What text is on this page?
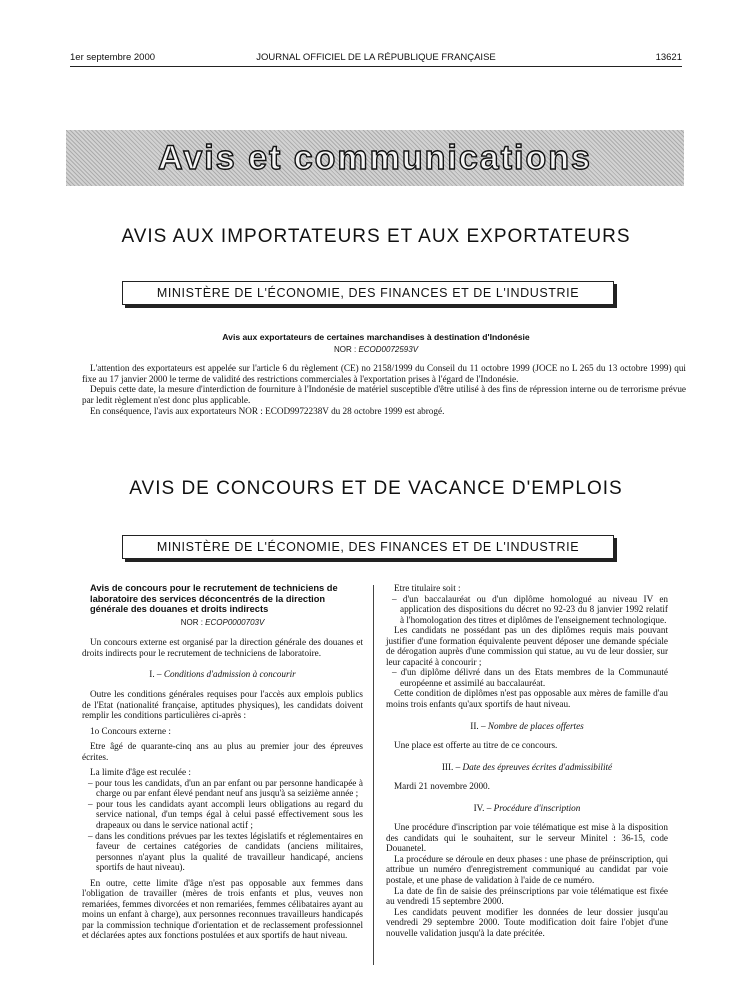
1er septembre 2000	JOURNAL OFFICIEL DE LA RÉPUBLIQUE FRANÇAISE	13621
Avis et communications
AVIS AUX IMPORTATEURS ET AUX EXPORTATEURS
MINISTÈRE DE L'ÉCONOMIE, DES FINANCES ET DE L'INDUSTRIE
Avis aux exportateurs de certaines marchandises à destination d'Indonésie
NOR : ECOD0072593V

L'attention des exportateurs est appelée sur l'article 6 du règlement (CE) no 2158/1999 du Conseil du 11 octobre 1999 (JOCE no L 265 du 13 octobre 1999) qui fixe au 17 janvier 2000 le terme de validité des restrictions commerciales à l'exportation prises à l'égard de l'Indonésie.

Depuis cette date, la mesure d'interdiction de fourniture à l'Indonésie de matériel susceptible d'être utilisé à des fins de répression interne ou de terrorisme prévue par ledit règlement n'est donc plus applicable.

En conséquence, l'avis aux exportateurs NOR : ECOD9972238V du 28 octobre 1999 est abrogé.

AVIS DE CONCOURS ET DE VACANCE D'EMPLOIS
MINISTÈRE DE L'ÉCONOMIE, DES FINANCES ET DE L'INDUSTRIE
Avis de concours pour le recrutement de techniciens de laboratoire des services déconcentrés de la direction générale des douanes et droits indirects
NOR : ECOP0000703V

Un concours externe est organisé par la direction générale des douanes et droits indirects pour le recrutement de techniciens de laboratoire.

I. – Conditions d'admission à concourir

Outre les conditions générales requises pour l'accès aux emplois publics de l'Etat (nationalité française, aptitudes physiques), les candidats doivent remplir les conditions particulières ci-après :

1o Concours externe :

Etre âgé de quarante-cinq ans au plus au premier jour des épreuves écrites.

La limite d'âge est reculée :

– pour tous les candidats, d'un an par enfant ou par personne handicapée à charge ou par enfant élevé pendant neuf ans jusqu'à sa seizième année ;

– pour tous les candidats ayant accompli leurs obligations au regard du service national, d'un temps égal à celui passé effectivement sous les drapeaux ou dans le service national actif ;

– dans les conditions prévues par les textes législatifs et réglementaires en faveur de certaines catégories de candidats (anciens militaires, personnes n'ayant plus la qualité de travailleur handicapé, anciens sportifs de haut niveau).

En outre, cette limite d'âge n'est pas opposable aux femmes dans l'obligation de travailler (mères de trois enfants et plus, veuves non remariées, femmes divorcées et non remariées, femmes célibataires ayant au moins un enfant à charge), aux personnes reconnues travailleurs handicapés par la commission technique d'orientation et de reclassement professionnel et déclarées aptes aux fonctions postulées et aux sportifs de haut niveau.

Etre titulaire soit :

– d'un baccalauréat ou d'un diplôme homologué au niveau IV en application des dispositions du décret no 92-23 du 8 janvier 1992 relatif à l'homologation des titres et diplômes de l'enseignement technologique.

Les candidats ne possédant pas un des diplômes requis mais pouvant justifier d'une formation équivalente peuvent déposer une demande spéciale de dérogation auprès d'une commission qui statue, au vu de leur dossier, sur leur capacité à concourir ;

– d'un diplôme délivré dans un des Etats membres de la Communauté européenne et assimilé au baccalauréat.

Cette condition de diplômes n'est pas opposable aux mères de famille d'au moins trois enfants qu'aux sportifs de haut niveau.

II. – Nombre de places offertes

Une place est offerte au titre de ce concours.

III. – Date des épreuves écrites d'admissibilité

Mardi 21 novembre 2000.

IV. – Procédure d'inscription

Une procédure d'inscription par voie télématique est mise à la disposition des candidats qui le souhaitent, sur le serveur Minitel : 36-15, code Douanetel.

La procédure se déroule en deux phases : une phase de préinscription, qui attribue un numéro d'enregistrement communiqué au candidat par voie postale, et une phase de validation à l'aide de ce numéro.

La date de fin de saisie des préinscriptions par voie télématique est fixée au vendredi 15 septembre 2000.

Les candidats peuvent modifier les données de leur dossier jusqu'au vendredi 29 septembre 2000. Toute modification doit faire l'objet d'une nouvelle validation jusqu'à la date précitée.
